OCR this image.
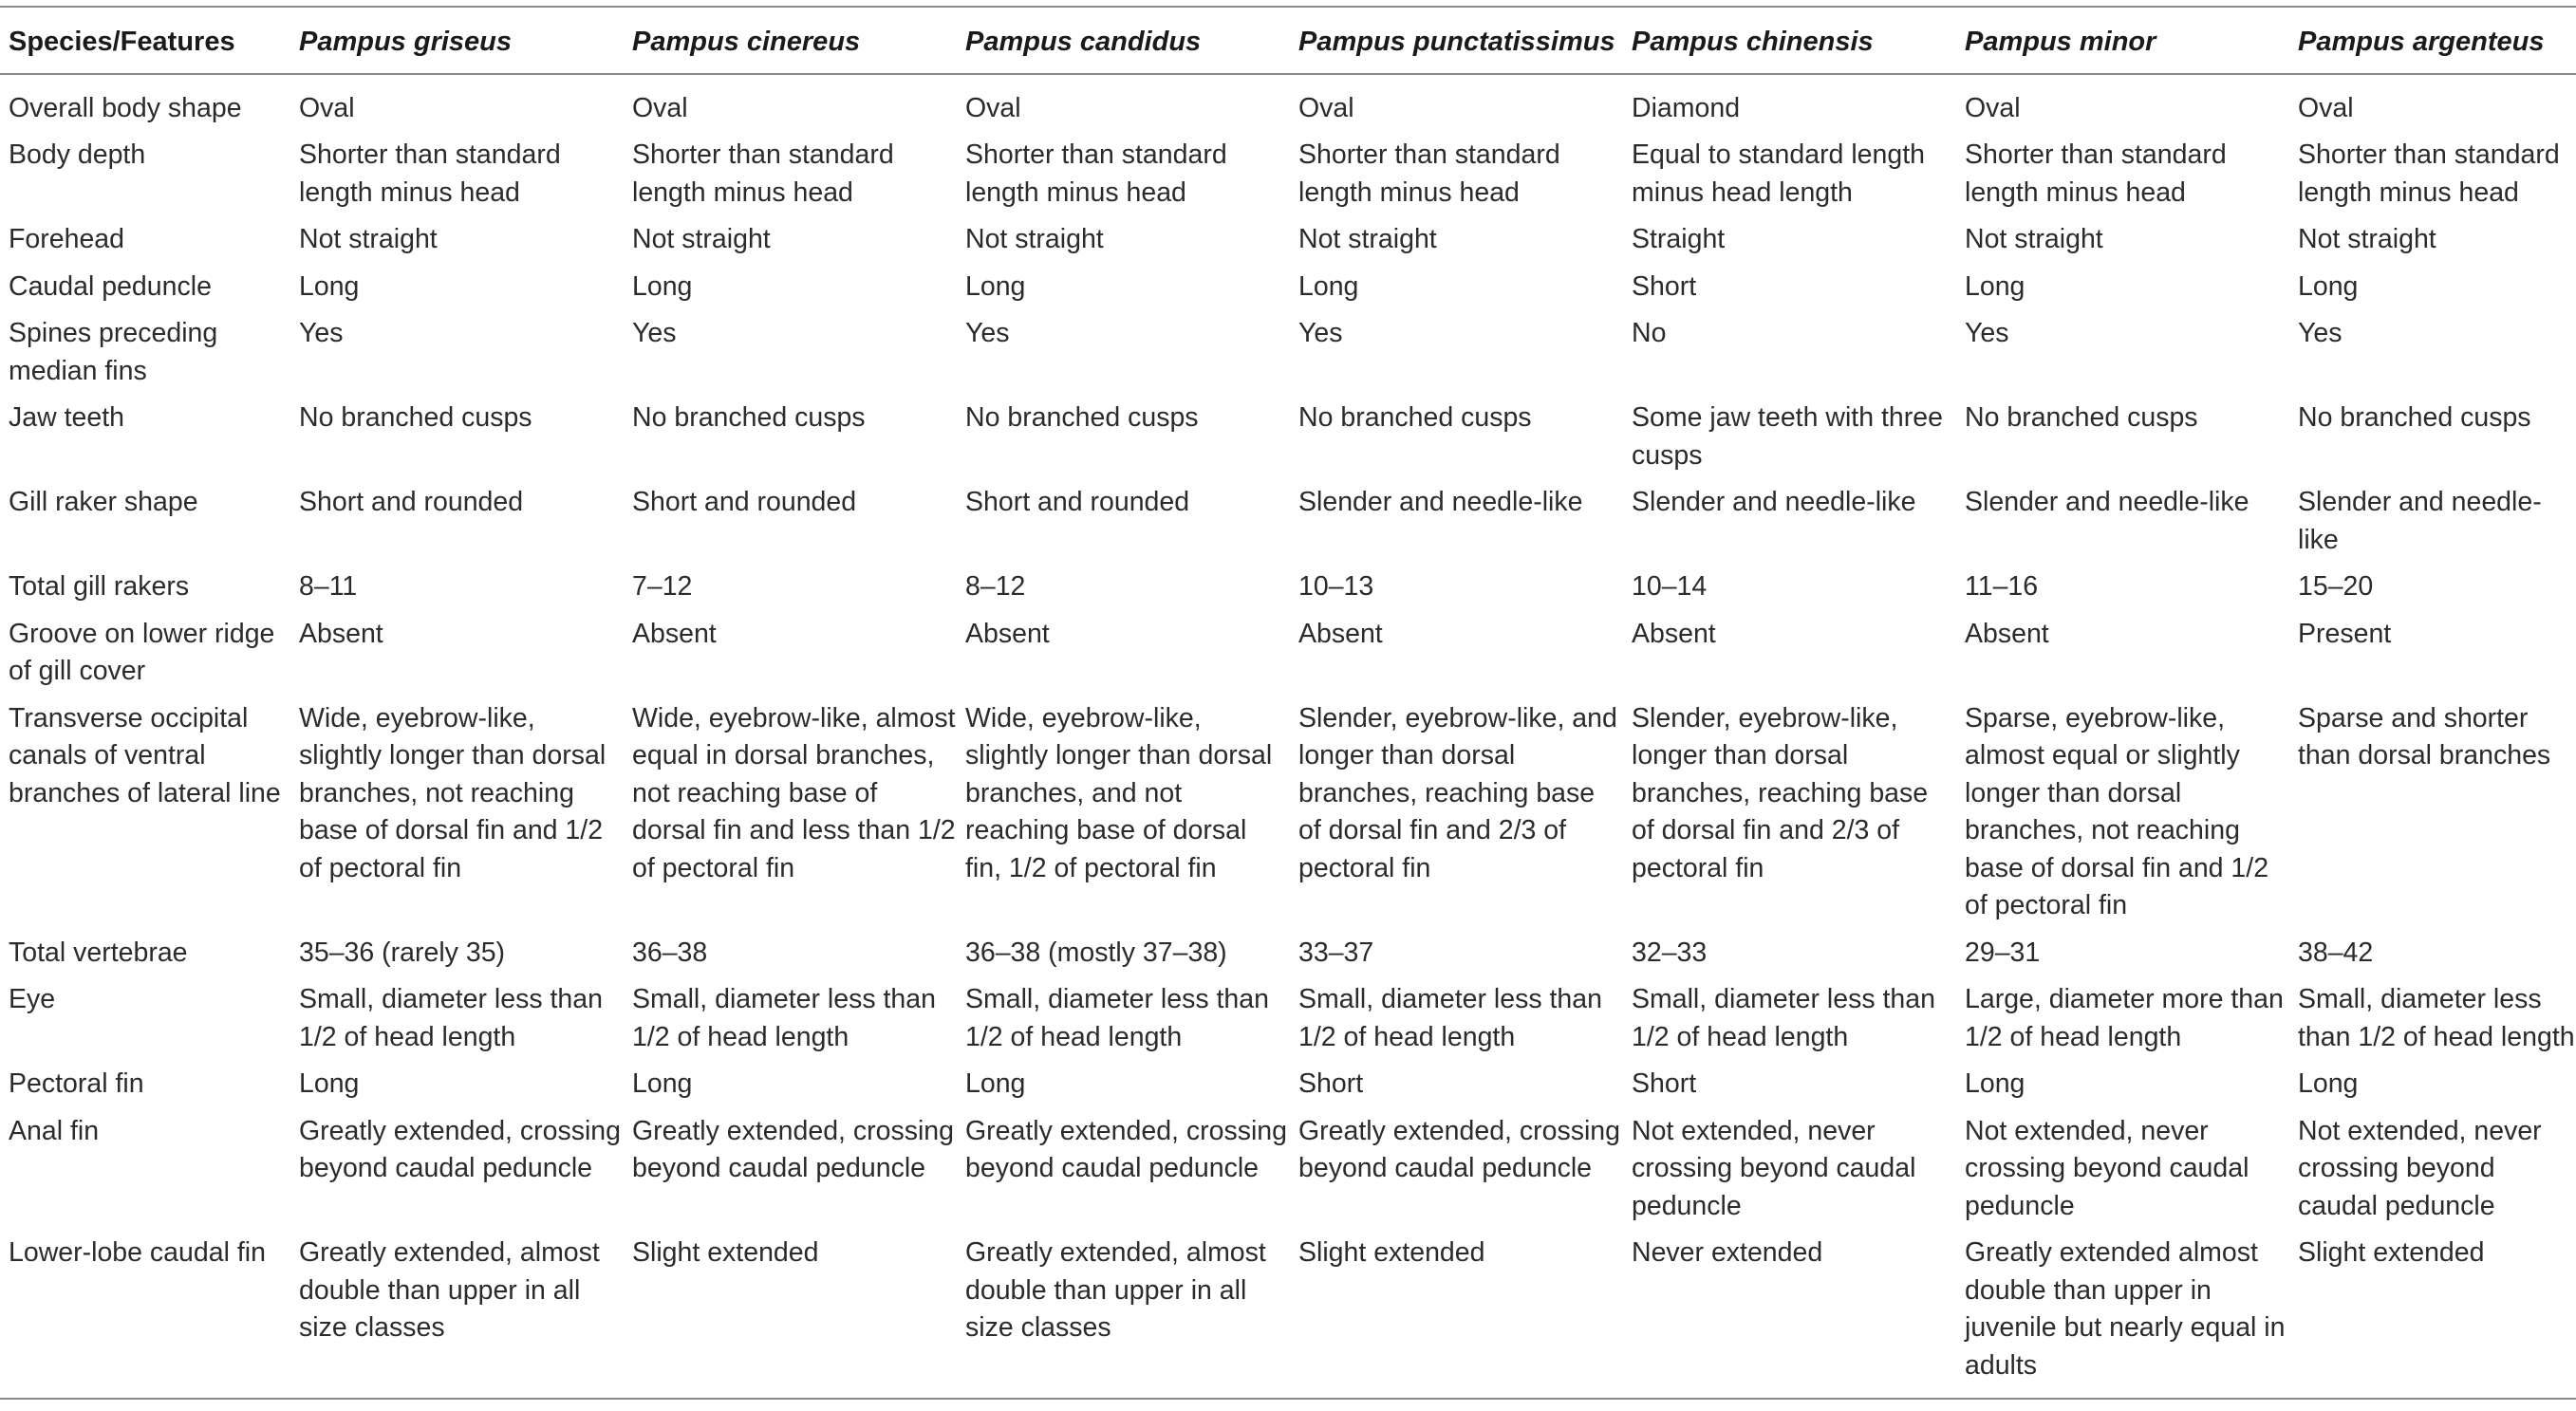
Species/Features	Pampus griseus	Pampus cinereus	Pampus candidus	Pampus punctatissimus	Pampus chinensis	Pampus minor	Pampus argenteus
Overall body shape	Oval	Oval	Oval	Oval	Diamond	Oval	Oval
Body depth	Shorter than standard length minus head	Shorter than standard length minus head	Shorter than standard length minus head	Shorter than standard length minus head	Equal to standard length minus head length	Shorter than standard length minus head	Shorter than standard length minus head
Forehead	Not straight	Not straight	Not straight	Not straight	Straight	Not straight	Not straight
Caudal peduncle	Long	Long	Long	Long	Short	Long	Long
Spines preceding median fins	Yes	Yes	Yes	Yes	No	Yes	Yes
Jaw teeth	No branched cusps	No branched cusps	No branched cusps	No branched cusps	Some jaw teeth with three cusps	No branched cusps	No branched cusps
Gill raker shape	Short and rounded	Short and rounded	Short and rounded	Slender and needle-like	Slender and needle-like	Slender and needle-like	Slender and needle-like
Total gill rakers	8–11	7–12	8–12	10–13	10–14	11–16	15–20
Groove on lower ridge of gill cover	Absent	Absent	Absent	Absent	Absent	Absent	Present
Transverse occipital canals of ventral branches of lateral line	Wide, eyebrow-like, slightly longer than dorsal branches, not reaching base of dorsal fin and 1/2 of pectoral fin	Wide, eyebrow-like, almost equal in dorsal branches, not reaching base of dorsal fin and less than 1/2 of pectoral fin	Wide, eyebrow-like, slightly longer than dorsal branches, and not reaching base of dorsal fin, 1/2 of pectoral fin	Slender, eyebrow-like, and longer than dorsal branches, reaching base of dorsal fin and 2/3 of pectoral fin	Slender, eyebrow-like, longer than dorsal branches, reaching base of dorsal fin and 2/3 of pectoral fin	Sparse, eyebrow-like, almost equal or slightly longer than dorsal branches, not reaching base of dorsal fin and 1/2 of pectoral fin	Sparse and shorter than dorsal branches
Total vertebrae	35–36 (rarely 35)	36–38	36–38 (mostly 37–38)	33–37	32–33	29–31	38–42
Eye	Small, diameter less than 1/2 of head length	Small, diameter less than 1/2 of head length	Small, diameter less than 1/2 of head length	Small, diameter less than 1/2 of head length	Small, diameter less than 1/2 of head length	Large, diameter more than 1/2 of head length	Small, diameter less than 1/2 of head length
Pectoral fin	Long	Long	Long	Short	Short	Long	Long
Anal fin	Greatly extended, crossing beyond caudal peduncle	Greatly extended, crossing beyond caudal peduncle	Greatly extended, crossing beyond caudal peduncle	Greatly extended, crossing beyond caudal peduncle	Not extended, never crossing beyond caudal peduncle	Not extended, never crossing beyond caudal peduncle	Not extended, never crossing beyond caudal peduncle
Lower-lobe caudal fin	Greatly extended, almost double than upper in all size classes	Slight extended	Greatly extended, almost double than upper in all size classes	Slight extended	Never extended	Greatly extended almost double than upper in juvenile but nearly equal in adults	Slight extended
